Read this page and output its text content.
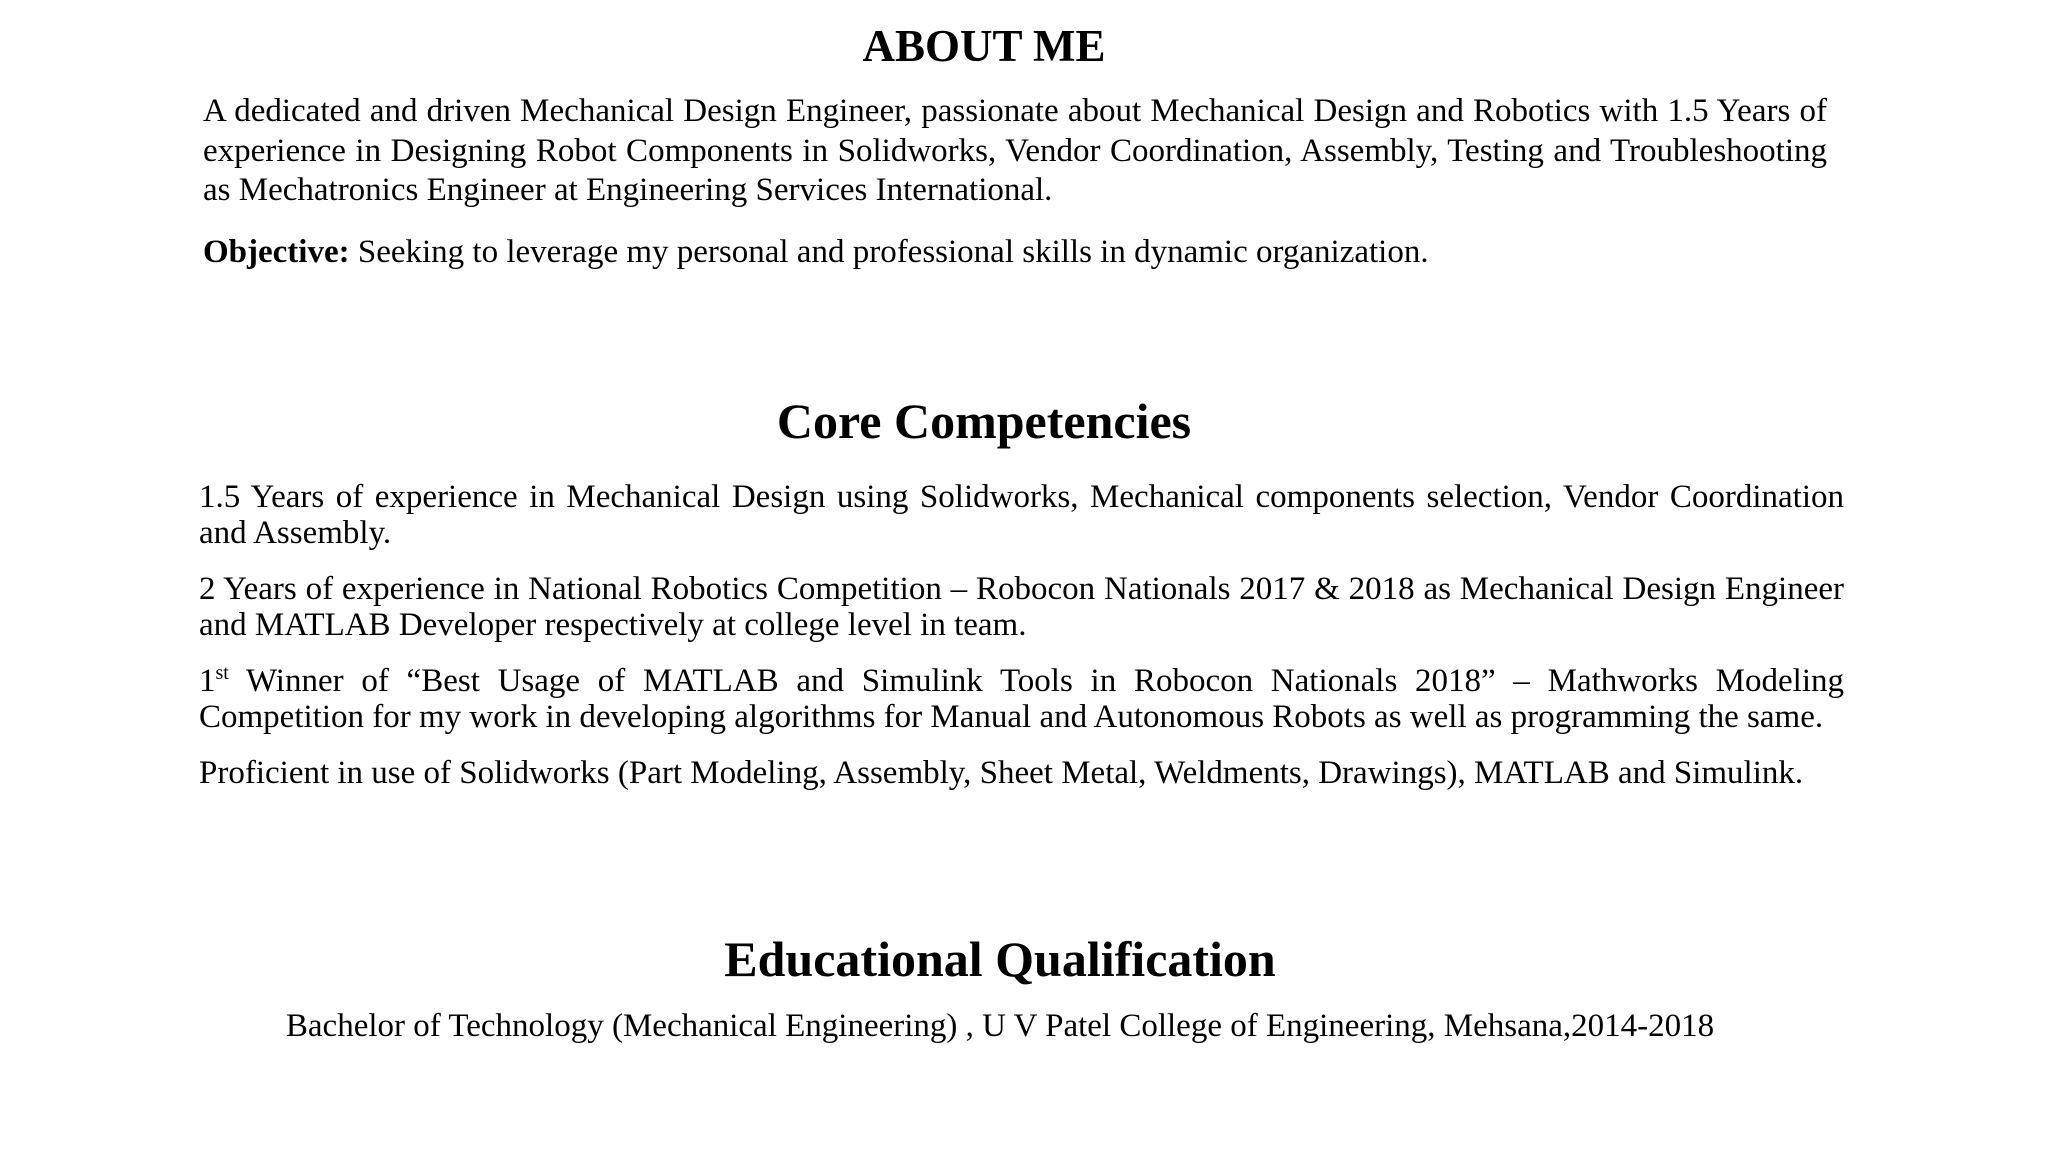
ABOUT ME

A dedicated and driven Mechanical Design Engineer, passionate about Mechanical Design and Robotics with 1.5 Years of experience in Designing Robot Components in Solidworks, Vendor Coordination, Assembly, Testing and Troubleshooting as Mechatronics Engineer at Engineering Services International.

Objective: Seeking to leverage my personal and professional skills in dynamic organization.

Core Competencies
1.5 Years of experience in Mechanical Design using Solidworks, Mechanical components selection, Vendor Coordination and Assembly.
2 Years of experience in National Robotics Competition – Robocon Nationals 2017 & 2018 as Mechanical Design Engineer and MATLAB Developer respectively at college level in team.
1st Winner of “Best Usage of MATLAB and Simulink Tools in Robocon Nationals 2018” – Mathworks Modeling Competition for my work in developing algorithms for Manual and Autonomous Robots as well as programming the same.
Proficient in use of Solidworks (Part Modeling, Assembly, Sheet Metal, Weldments, Drawings), MATLAB and Simulink.
Educational Qualification

Bachelor of Technology (Mechanical Engineering) , U V Patel College of Engineering, Mehsana,2014-2018
